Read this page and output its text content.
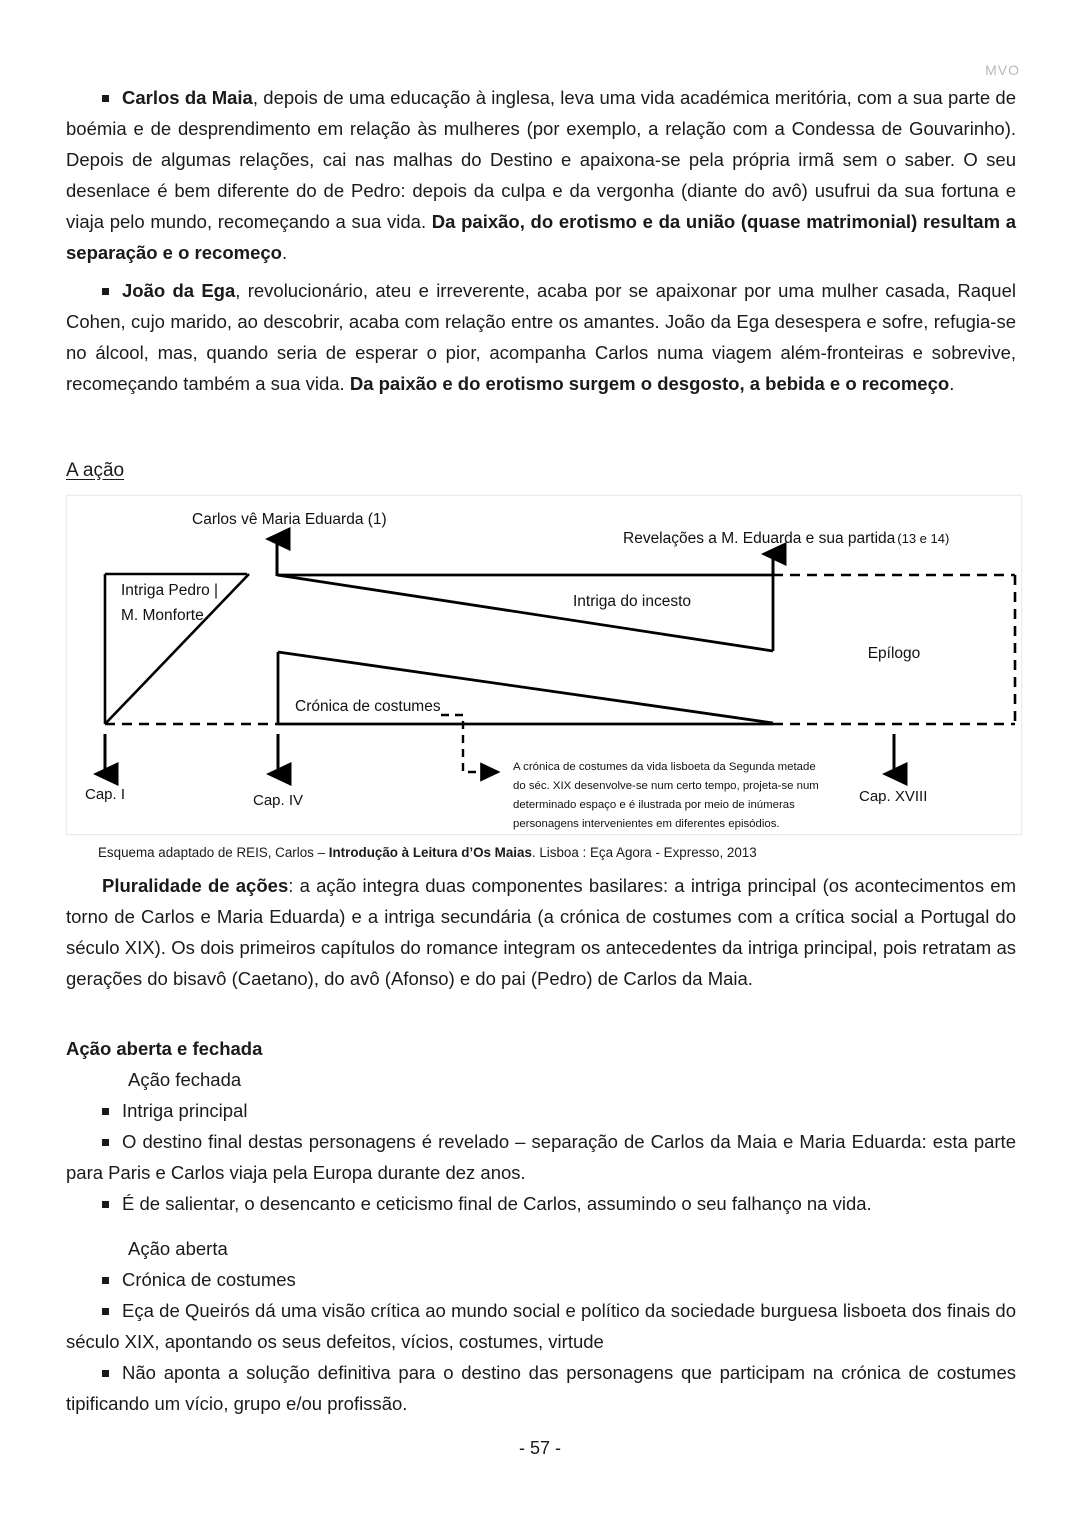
MVO

Carlos da Maia, depois de uma educação à inglesa, leva uma vida académica meritória, com a sua parte de boémia e de desprendimento em relação às mulheres (por exemplo, a relação com a Condessa de Gouvarinho). Depois de algumas relações, cai nas malhas do Destino e apaixona-se pela própria irmã sem o saber. O seu desenlace é bem diferente do de Pedro: depois da culpa e da vergonha (diante do avô) usufrui da sua fortuna e viaja pelo mundo, recomeçando a sua vida. Da paixão, do erotismo e da união (quase matrimonial) resultam a separação e o recomeço.

João da Ega, revolucionário, ateu e irreverente, acaba por se apaixonar por uma mulher casada, Raquel Cohen, cujo marido, ao descobrir, acaba com relação entre os amantes. João da Ega desespera e sofre, refugia-se no álcool, mas, quando seria de esperar o pior, acompanha Carlos numa viagem além-fronteiras e sobrevive, recomeçando também a sua vida. Da paixão e do erotismo surgem o desgosto, a bebida e o recomeço.

A ação
Carlos vê Maria Eduarda (1)
Revelações a M. Eduarda e sua partida (13 e 14)
Intriga Pedro |
M. Monforte
Intriga do incesto
Crónica de costumes
Epílogo
Cap. I	Cap. IV	Cap. XVIII
A crónica de costumes da vida lisboeta da Segunda metade
do séc. XIX desenvolve-se num certo tempo, projeta-se num
determinado espaço e é ilustrada por meio de inúmeras
personagens intervenientes em diferentes episódios.
Esquema adaptado de REIS, Carlos – Introdução à Leitura d’Os Maias. Lisboa : Eça Agora - Expresso, 2013

Pluralidade de ações: a ação integra duas componentes basilares: a intriga principal (os acontecimentos em torno de Carlos e Maria Eduarda) e a intriga secundária (a crónica de costumes com a crítica social a Portugal do século XIX). Os dois primeiros capítulos do romance integram os antecedentes da intriga principal, pois retratam as gerações do bisavô (Caetano), do avô (Afonso) e do pai (Pedro) de Carlos da Maia.

Ação aberta e fechada

Ação fechada

Intriga principal

O destino final destas personagens é revelado – separação de Carlos da Maia e Maria Eduarda: esta parte para Paris e Carlos viaja pela Europa durante dez anos.

É de salientar, o desencanto e ceticismo final de Carlos, assumindo o seu falhanço na vida.

Ação aberta

Crónica de costumes

Eça de Queirós dá uma visão crítica ao mundo social e político da sociedade burguesa lisboeta dos finais do século XIX, apontando os seus defeitos, vícios, costumes, virtude

Não aponta a solução definitiva para o destino das personagens que participam na crónica de costumes tipificando um vício, grupo e/ou profissão.

- 57 -
